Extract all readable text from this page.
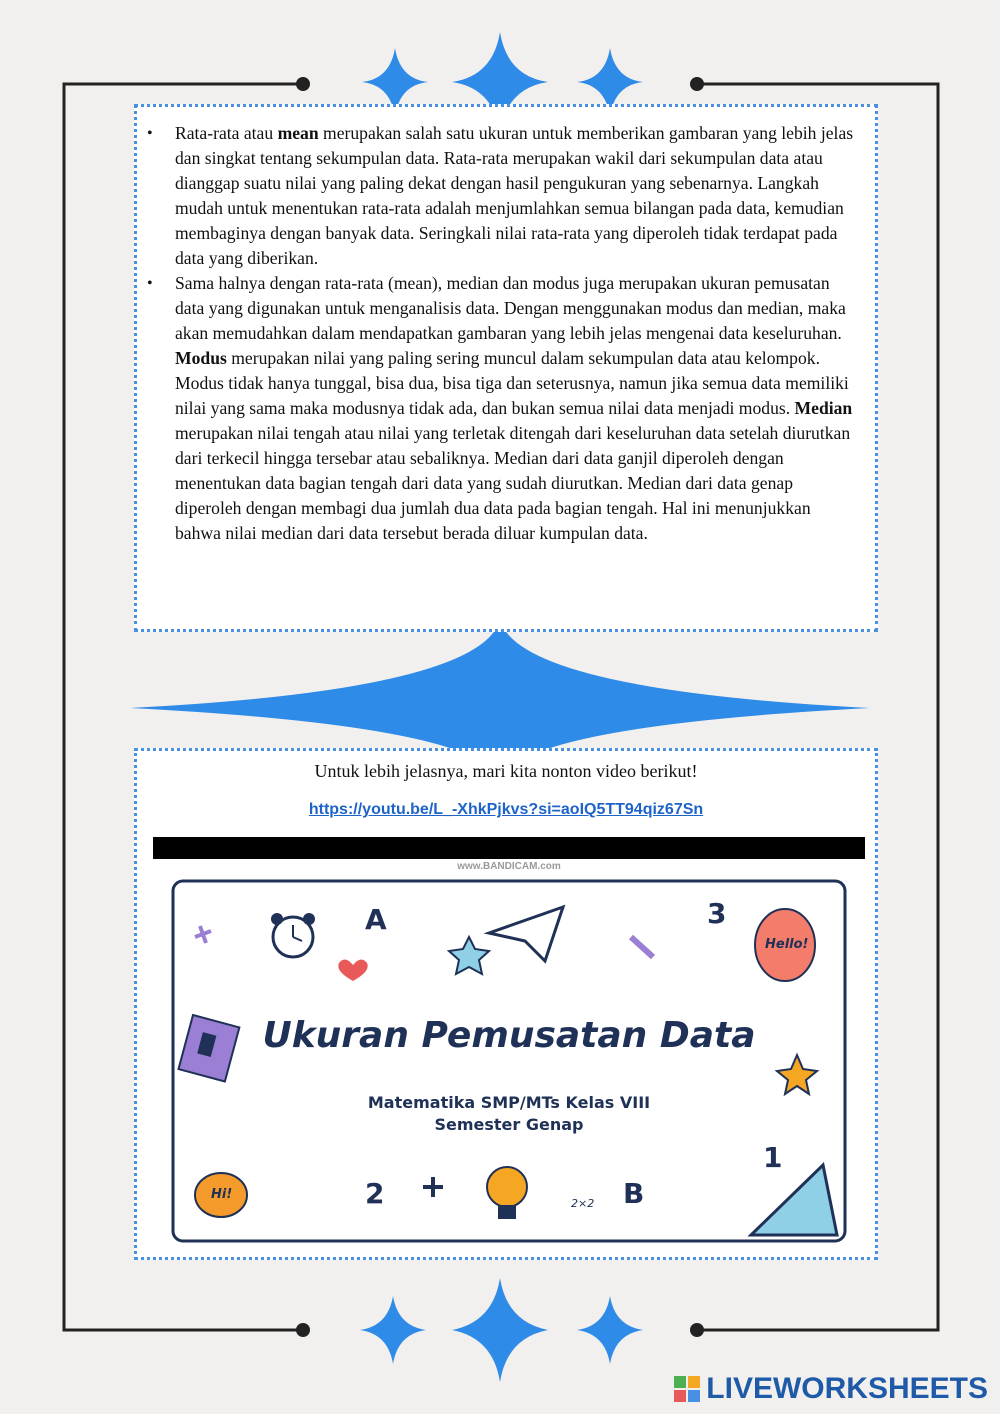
• Rata-rata atau mean merupakan salah satu ukuran untuk memberikan gambaran yang lebih jelas dan singkat tentang sekumpulan data. Rata-rata merupakan wakil dari sekumpulan data atau dianggap suatu nilai yang paling dekat dengan hasil pengukuran yang sebenarnya. Langkah mudah untuk menentukan rata-rata adalah menjumlahkan semua bilangan pada data, kemudian membaginya dengan banyak data. Seringkali nilai rata-rata yang diperoleh tidak terdapat pada data yang diberikan.
• Sama halnya dengan rata-rata (mean), median dan modus juga merupakan ukuran pemusatan data yang digunakan untuk menganalisis data. Dengan menggunakan modus dan median, maka akan memudahkan dalam mendapatkan gambaran yang lebih jelas mengenai data keseluruhan. Modus merupakan nilai yang paling sering muncul dalam sekumpulan data atau kelompok. Modus tidak hanya tunggal, bisa dua, bisa tiga dan seterusnya, namun jika semua data memiliki nilai yang sama maka modusnya tidak ada, dan bukan semua nilai data menjadi modus. Median merupakan nilai tengah atau nilai yang terletak ditengah dari keseluruhan data setelah diurutkan dari terkecil hingga tersebar atau sebaliknya. Median dari data ganjil diperoleh dengan menentukan data bagian tengah dari data yang sudah diurutkan. Median dari data genap diperoleh dengan membagi dua jumlah dua data pada bagian tengah. Hal ini menunjukkan bahwa nilai median dari data tersebut berada diluar kumpulan data.
Untuk lebih jelasnya, mari kita nonton video berikut!
https://youtu.be/L_-XhkPjkvs?si=aoIQ5TT94qiz67Sn
www.BANDICAM.com
A	3
1
2	B
Hello!
Hi!
2×2
Ukuran Pemusatan Data
Matematika SMP/MTs Kelas VIII
Semester Genap
LIVEWORKSHEETS
